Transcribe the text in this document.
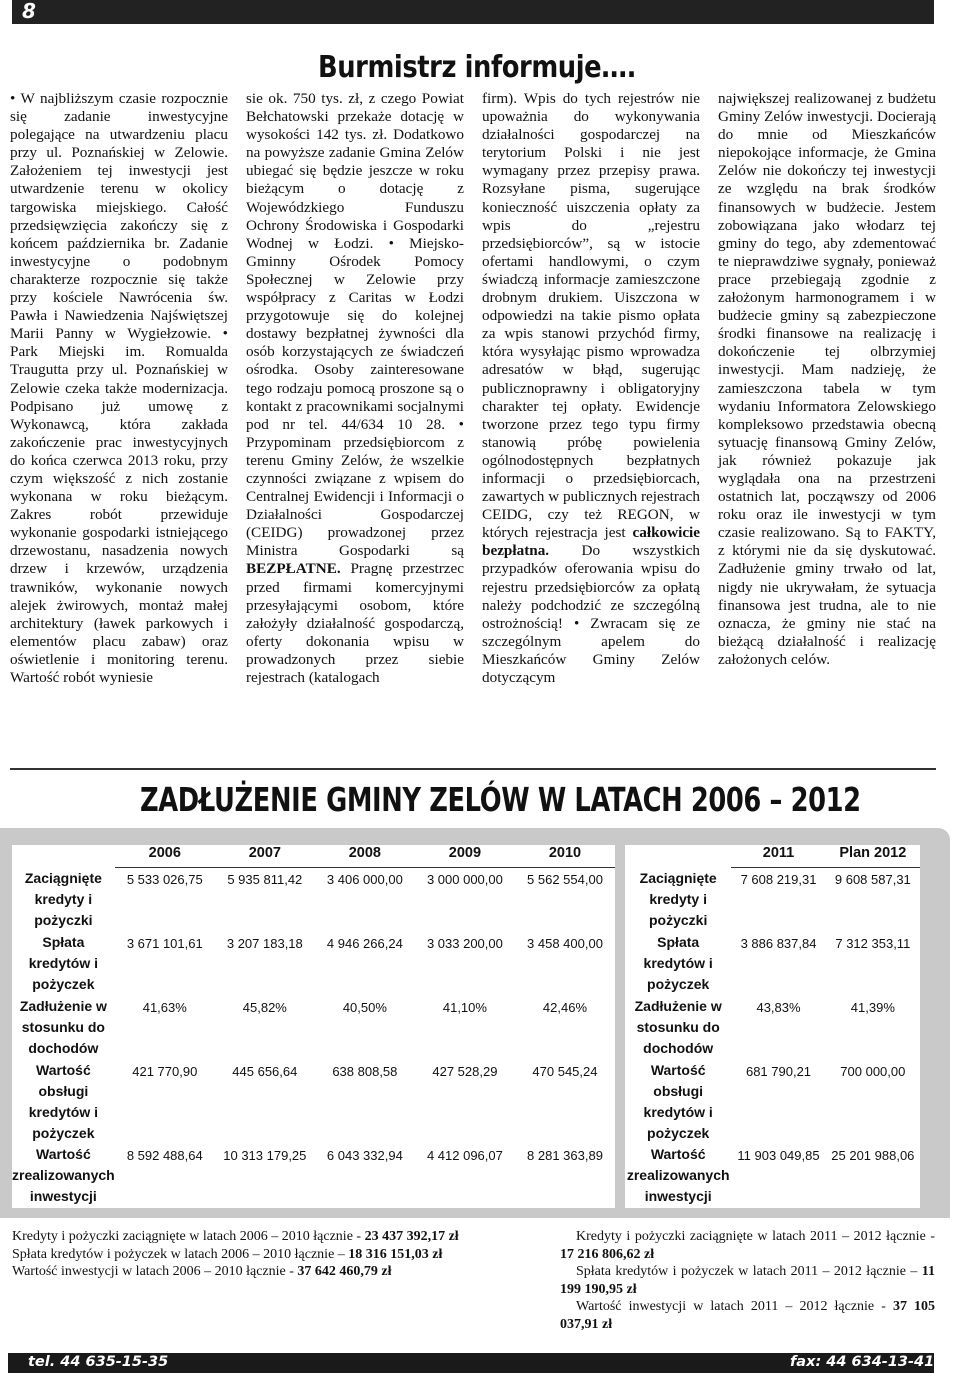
8
Burmistrz informuje….

• W najbliższym czasie rozpocznie się zadanie inwestycyjne polegające na utwardzeniu placu przy ul. Poznańskiej w Zelowie. Założeniem tej inwestycji jest utwardzenie terenu w okolicy targowiska miejskiego. Całość przedsięwzięcia zakończy się z końcem października br. Zadanie inwestycyjne o podobnym charakterze rozpocznie się także przy kościele Nawrócenia św. Pawła i Nawiedzenia Najświętszej Marii Panny w Wygiełzowie. • Park Miejski im. Romualda Traugutta przy ul. Poznańskiej w Zelowie czeka także modernizacja. Podpisano już umowę z Wykonawcą, która zakłada zakończenie prac inwestycyjnych do końca czerwca 2013 roku, przy czym większość z nich zostanie wykonana w roku bieżącym. Zakres robót przewiduje wykonanie gospodarki istniejącego drzewostanu, nasadzenia nowych drzew i krzewów, urządzenia trawników, wykonanie nowych alejek żwirowych, montaż małej architektury (ławek parkowych i elementów placu zabaw) oraz oświetlenie i monitoring terenu. Wartość robót wyniesie

sie ok. 750 tys. zł, z czego Powiat Bełchatowski przekaże dotację w wysokości 142 tys. zł. Dodatkowo na powyższe zadanie Gmina Zelów ubiegać się będzie jeszcze w roku bieżącym o dotację z Wojewódzkiego Funduszu Ochrony Środowiska i Gospodarki Wodnej w Łodzi. • Miejsko-Gminny Ośrodek Pomocy Społecznej w Zelowie przy współpracy z Caritas w Łodzi przygotowuje się do kolejnej dostawy bezpłatnej żywności dla osób korzystających ze świadczeń ośrodka. Osoby zainteresowane tego rodzaju pomocą proszone są o kontakt z pracownikami socjalnymi pod nr tel. 44/634 10 28. • Przypominam przedsiębiorcom z terenu Gminy Zelów, że wszelkie czynności związane z wpisem do Centralnej Ewidencji i Informacji o Działalności Gospodarczej (CEIDG) prowadzonej przez Ministra Gospodarki są BEZPŁATNE. Pragnę przestrzec przed firmami komercyjnymi przesyłającymi osobom, które założyły działalność gospodarczą, oferty dokonania wpisu w prowadzonych przez siebie rejestrach (katalogach

firm). Wpis do tych rejestrów nie upoważnia do wykonywania działalności gospodarczej na terytorium Polski i nie jest wymagany przez przepisy prawa. Rozsyłane pisma, sugerujące konieczność uiszczenia opłaty za wpis do „rejestru przedsiębiorców”, są w istocie ofertami handlowymi, o czym świadczą informacje zamieszczone drobnym drukiem. Uiszczona w odpowiedzi na takie pismo opłata za wpis stanowi przychód firmy, która wysyłając pismo wprowadza adresatów w błąd, sugerując publicznoprawny i obligatoryjny charakter tej opłaty. Ewidencje tworzone przez tego typu firmy stanowią próbę powielenia ogólnodostępnych bezpłatnych informacji o przedsiębiorcach, zawartych w publicznych rejestrach CEIDG, czy też REGON, w których rejestracja jest całkowicie bezpłatna. Do wszystkich przypadków oferowania wpisu do rejestru przedsiębiorców za opłatą należy podchodzić ze szczególną ostrożnością! • Zwracam się ze szczególnym apelem do Mieszkańców Gminy Zelów dotyczącym

największej realizowanej z budżetu Gminy Zelów inwestycji. Docierają do mnie od Mieszkańców niepokojące informacje, że Gmina Zelów nie dokończy tej inwestycji ze względu na brak środków finansowych w budżecie. Jestem zobowiązana jako włodarz tej gminy do tego, aby zdementować te nieprawdziwe sygnały, ponieważ prace przebiegają zgodnie z założonym harmonogramem i w budżecie gminy są zabezpieczone środki finansowe na realizację i dokończenie tej olbrzymiej inwestycji. Mam nadzieję, że zamieszczona tabela w tym wydaniu Informatora Zelowskiego kompleksowo przedstawia obecną sytuację finansową Gminy Zelów, jak również pokazuje jak wyglądała ona na przestrzeni ostatnich lat, począwszy od 2006 roku oraz ile inwestycji w tym czasie realizowano. Są to FAKTY, z którymi nie da się dyskutować. Zadłużenie gminy trwało od lat, nigdy nie ukrywałam, że sytuacja finansowa jest trudna, ale to nie oznacza, że gminy nie stać na bieżącą działalność i realizację założonych celów.

ZADŁUŻENIE GMINY ZELÓW W LATACH 2006 – 2012
	2006	2007	2008	2009	2010
Zaciągnięte kredyty i pożyczki	5 533 026,75	5 935 811,42	3 406 000,00	3 000 000,00	5 562 554,00
Spłata kredytów i pożyczek	3 671 101,61	3 207 183,18	4 946 266,24	3 033 200,00	3 458 400,00
Zadłużenie w stosunku do dochodów	41,63%	45,82%	40,50%	41,10%	42,46%
Wartość obsługi kredytów i pożyczek	421 770,90	445 656,64	638 808,58	427 528,29	470 545,24
Wartość zrealizowanych inwestycji	8 592 488,64	10 313 179,25	6 043 332,94	4 412 096,07	8 281 363,89
	2011	Plan 2012
Zaciągnięte kredyty i pożyczki	7 608 219,31	9 608 587,31
Spłata kredytów i pożyczek	3 886 837,84	7 312 353,11
Zadłużenie w stosunku do dochodów	43,83%	41,39%
Wartość obsługi kredytów i pożyczek	681 790,21	700 000,00
Wartość zrealizowanych inwestycji	11 903 049,85	25 201 988,06
Kredyty i pożyczki zaciągnięte w latach 2006 – 2010 łącznie - 23 437 392,17 zł
Spłata kredytów i pożyczek w latach 2006 – 2010 łącznie – 18 316 151,03 zł
Wartość inwestycji w latach 2006 – 2010 łącznie - 37 642 460,79 zł
Kredyty i pożyczki zaciągnięte w latach 2011 – 2012 łącznie - 17 216 806,62 zł
Spłata kredytów i pożyczek w latach 2011 – 2012 łącznie – 11 199 190,95 zł
Wartość inwestycji w latach 2011 – 2012 łącznie - 37 105 037,91 zł
tel. 44 635-15-35	fax: 44 634-13-41
